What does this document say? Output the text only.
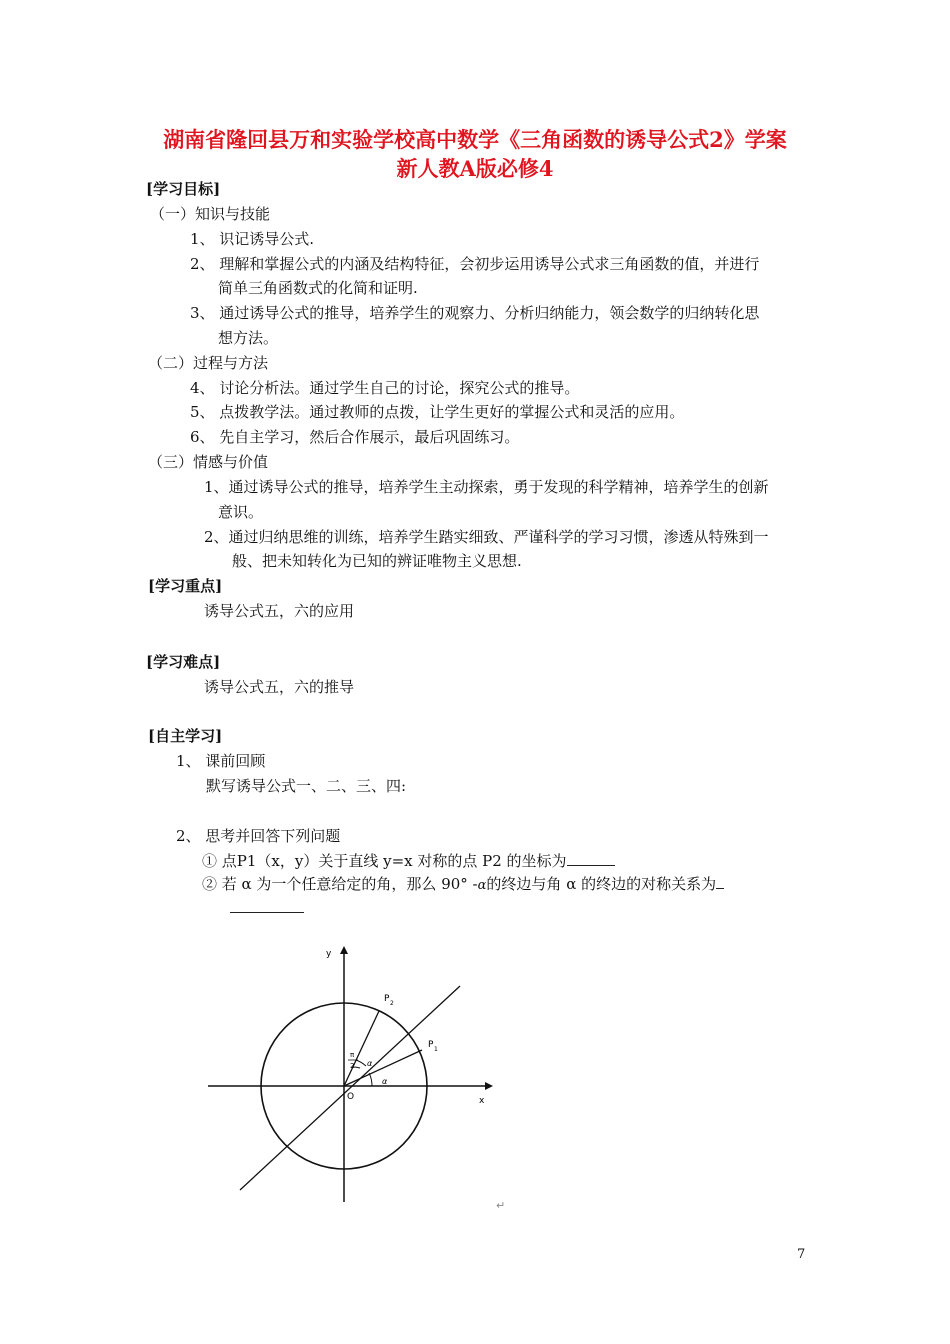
湖南省隆回县万和实验学校高中数学《三角函数的诱导公式2》学案
新人教A版必修4
[学习目标]
（一）知识与技能
1、 识记诱导公式.
2、 理解和掌握公式的内涵及结构特征，会初步运用诱导公式求三角函数的值，并进行
简单三角函数式的化简和证明.
3、 通过诱导公式的推导，培养学生的观察力、分析归纳能力，领会数学的归纳转化思
想方法。
（二）过程与方法
4、 讨论分析法。通过学生自己的讨论，探究公式的推导。
5、 点拨教学法。通过教师的点拨，让学生更好的掌握公式和灵活的应用。
6、 先自主学习，然后合作展示，最后巩固练习。
（三）情感与价值
1、通过诱导公式的推导，培养学生主动探索，勇于发现的科学精神，培养学生的创新
意识。
2、通过归纳思维的训练，培养学生踏实细致、严谨科学的学习习惯，渗透从特殊到一
般、把未知转化为已知的辨证唯物主义思想.
[学习重点]
诱导公式五，六的应用
[学习难点]
诱导公式五，六的推导
[自主学习]
1、 课前回顾
默写诱导公式一、二、三、四:
2、 思考并回答下列问题
① 点P1（x，y）关于直线 y=x 对称的点 P2 的坐标为
② 若 α 为一个任意给定的角，那么 90° -α的终边与角 α 的终边的对称关系为
y
x
O
P 2
P 1
π
2 α
α
↵
7
